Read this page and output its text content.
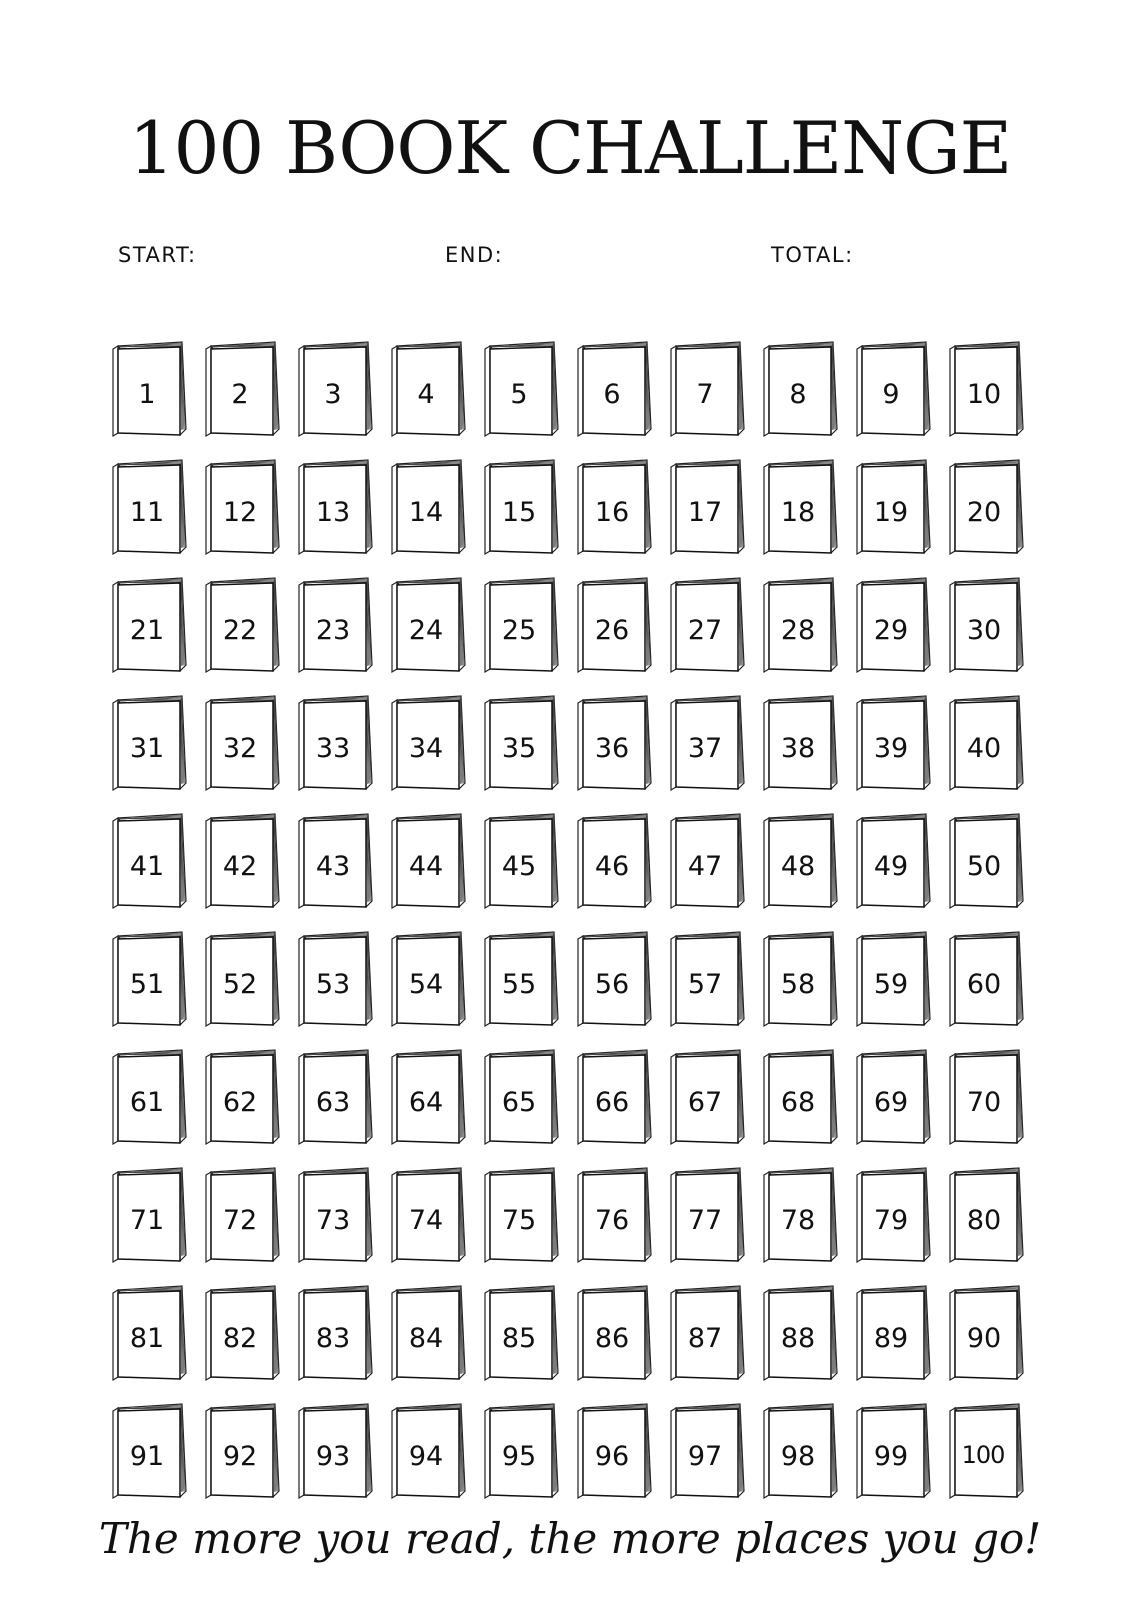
100 BOOK CHALLENGE
START:	END:	TOTAL:
1	2	3	4	5	6	7	8	9	10
11	12	13	14	15	16	17	18	19	20
21	22	23	24	25	26	27	28	29	30
31	32	33	34	35	36	37	38	39	40
41	42	43	44	45	46	47	48	49	50
51	52	53	54	55	56	57	58	59	60
61	62	63	64	65	66	67	68	69	70
71	72	73	74	75	76	77	78	79	80
81	82	83	84	85	86	87	88	89	90
91	92	93	94	95	96	97	98	99	100
The more you read, the more places you go!
